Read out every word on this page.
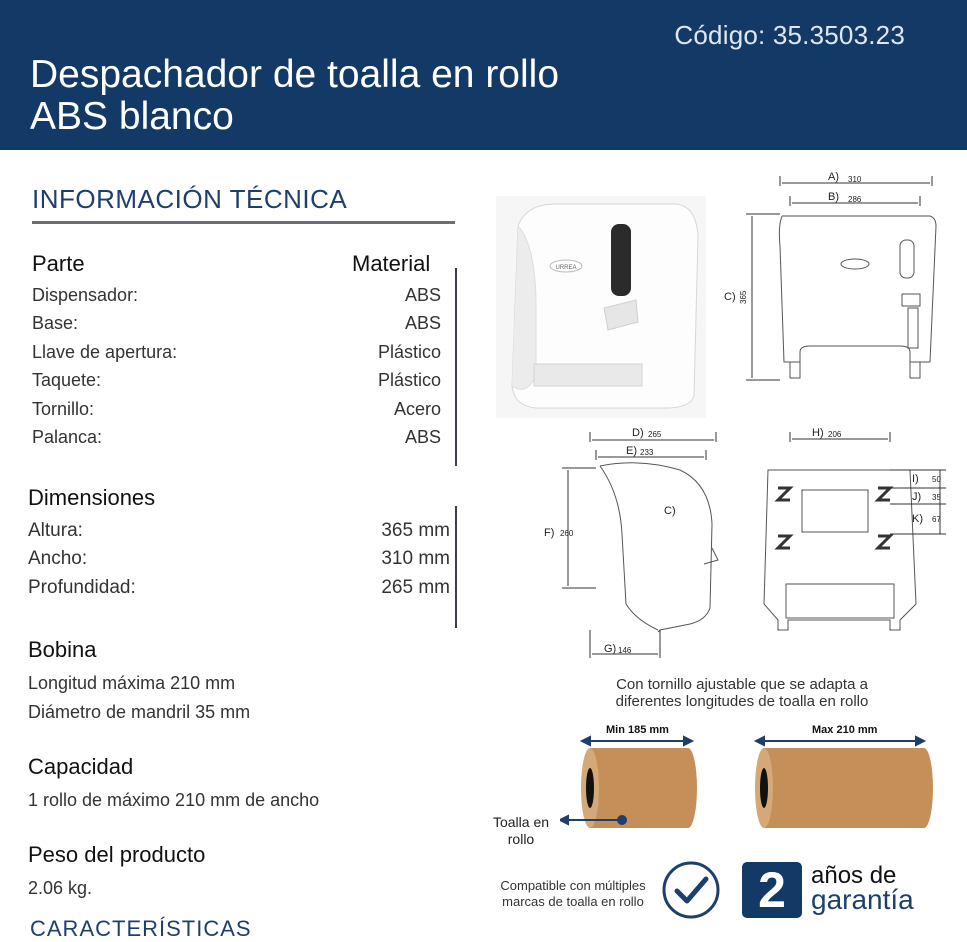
Código: 35.3503.23
Despachador de toalla en rollo
ABS blanco
INFORMACIÓN TÉCNICA
Parte	Material
Dispensador:	ABS
Base:	ABS
Llave de apertura:	Plástico
Taquete:	Plástico
Tornillo:	Acero
Palanca:	ABS
Dimensiones
Altura:	365 mm
Ancho:	310 mm
Profundidad:	265 mm
Bobina
Longitud máxima 210 mm
Diámetro de mandril 35 mm
Capacidad
1 rollo de máximo 210 mm de ancho
Peso del producto
2.06 kg.
CARACTERÍSTICAS
URREA
A) 310
B) 286
C) 365
D) 265
E) 233
F) 260
C)
G) 146
H) 206
I) 50
J) 35
K) 67
Con tornillo ajustable que se adapta a diferentes longitudes de toalla en rollo
Min 185 mm	Max 210 mm
Toalla en rollo
Compatible con múltiples marcas de toalla en rollo	2	años de
garantía
